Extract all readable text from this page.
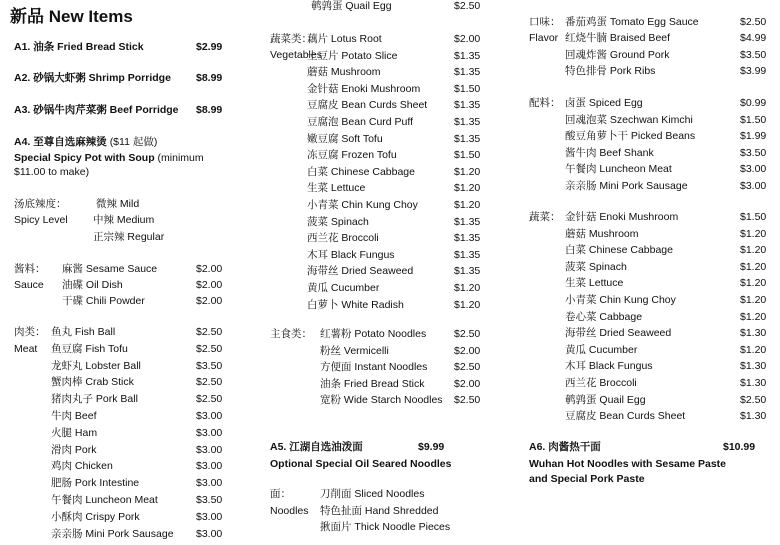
新品 New Items
A1. 油条 Fried Bread Stick	$2.99
A2. 砂锅大虾粥 Shrimp Porridge $8.99
A3. 砂锅牛肉芹菜粥 Beef Porridge $8.99
A4. 至尊自选麻辣烫 ($11 起做)
Special Spicy Pot with Soup (minimum
$11.00 to make)
汤底辣度：
Spicy Level
微辣 Mild
中辣 Medium
正宗辣 Regular
酱料：
Sauce
麻酱 Sesame Sauce	$2.00
油碟 Oil Dish	$2.00
干碟 Chili Powder	$2.00
肉类：
Meat
鱼丸 Fish Ball	$2.50
鱼豆腐 Fish Tofu	$2.50
龙虾丸 Lobster Ball	$3.50
蟹肉棒 Crab Stick	$2.50
猪肉丸子 Pork Ball	$2.50
牛肉 Beef	$3.00
火腿 Ham	$3.00
滑肉 Pork	$3.00
鸡肉 Chicken	$3.00
肥肠 Pork Intestine	$3.00
午餐肉 Luncheon Meat	$3.50
小酥肉 Crispy Pork	$3.00
亲亲肠 Mini Pork Sausage $3.00
鹌鹑蛋 Quail Egg	$2.50
蔬菜类：
Vegetables
藕片 Lotus Root	$2.00
土豆片 Potato Slice	$1.35
蘑菇 Mushroom	$1.35
金针菇 Enoki Mushroom	$1.50
豆腐皮 Bean Curds Sheet	$1.35
豆腐泡 Bean Curd Puff	$1.35
嫩豆腐 Soft Tofu	$1.35
冻豆腐 Frozen Tofu	$1.50
白菜 Chinese Cabbage	$1.20
生菜 Lettuce	$1.20
小青菜 Chin Kung Choy	$1.20
菠菜 Spinach	$1.35
西兰花 Broccoli	$1.35
木耳 Black Fungus	$1.35
海带丝 Dried Seaweed	$1.35
黄瓜 Cucumber	$1.20
白萝卜 White Radish	$1.20
主食类： 红薯粉 Potato Noodles	$2.50
粉丝 Vermicelli	$2.00
方便面 Instant Noodles	$2.50
油条 Fried Bread Stick	$2.00
宽粉 Wide Starch Noodles $2.50
A5. 江湖自选油泼面	$9.99
Optional Special Oil Seared Noodles
面：
Noodles
刀削面 Sliced Noodles
特色扯面 Hand Shredded
揪面片 Thick Noodle Pieces
口味：
Flavor
番茄鸡蛋 Tomato Egg Sauce	$2.50
红烧牛腩 Braised Beef	$4.99
回魂炸酱 Ground Pork	$3.50
特色排骨 Pork Ribs	$3.99
配料： 卤蛋 Spiced Egg	$0.99
回魂泡菜 Szechwan Kimchi	$1.50
酸豆角萝卜干 Picked Beans	$1.99
酱牛肉 Beef Shank	$3.50
午餐肉 Luncheon Meat	$3.00
亲亲肠 Mini Pork Sausage	$3.00
蔬菜： 金针菇 Enoki Mushroom	$1.50
蘑菇 Mushroom	$1.20
白菜 Chinese Cabbage	$1.20
菠菜 Spinach	$1.20
生菜 Lettuce	$1.20
小青菜 Chin Kung Choy	$1.20
卷心菜 Cabbage	$1.20
海带丝 Dried Seaweed	$1.30
黄瓜 Cucumber	$1.20
木耳 Black Fungus	$1.30
西兰花 Broccoli	$1.30
鹌鹑蛋 Quail Egg	$2.50
豆腐皮 Bean Curds Sheet	$1.30
A6. 肉酱热干面	$10.99
Wuhan Hot Noodles with Sesame Paste
and Special Pork Paste
